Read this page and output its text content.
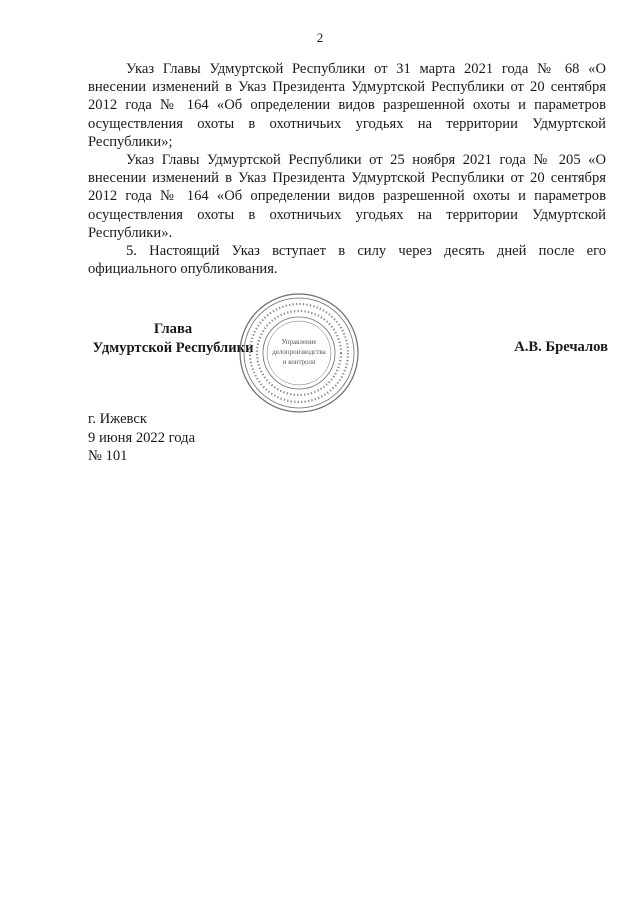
2

Указ Главы Удмуртской Республики от 31 марта 2021 года № 68 «О внесении изменений в Указ Президента Удмуртской Республики от 20 сентября 2012 года № 164 «Об определении видов разрешенной охоты и параметров осуществления охоты в охотничьих угодьях на территории Удмуртской Республики»;

Указ Главы Удмуртской Республики от 25 ноября 2021 года № 205 «О внесении изменений в Указ Президента Удмуртской Республики от 20 сентября 2012 года № 164 «Об определении видов разрешенной охоты и параметров осуществления охоты в охотничьих угодьях на территории Удмуртской Республики».

5. Настоящий Указ вступает в силу через десять дней после его официального опубликования.

Глава
Удмуртской Республики	А.В. Бречалов
Управление
делопроизводства
и контроля
г. Ижевск
9 июня 2022 года
№ 101
